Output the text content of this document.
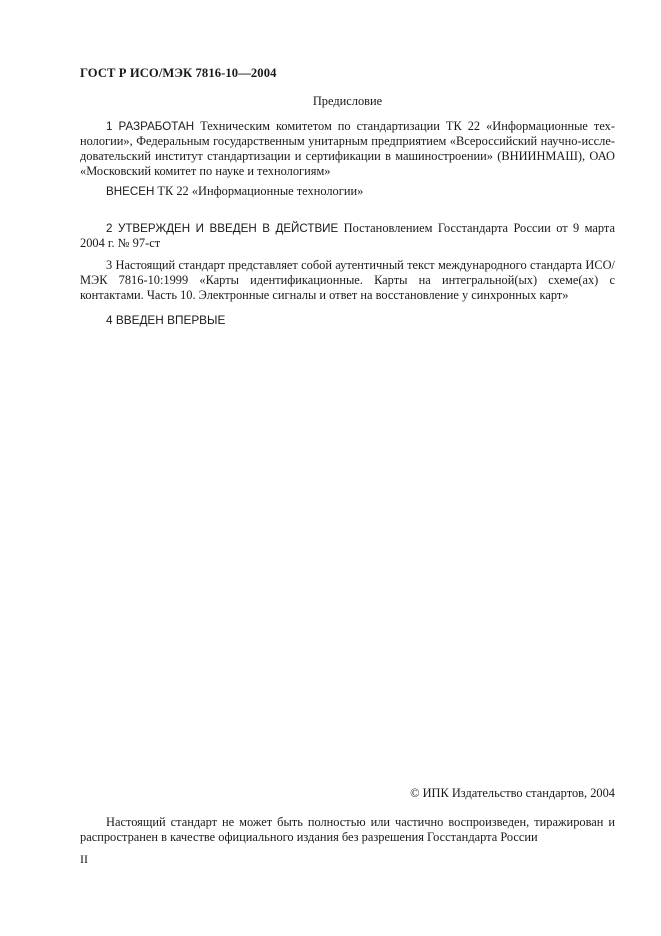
ГОСТ Р ИСО/МЭК 7816-10—2004
Предисловие
1 РАЗРАБОТАН Техническим комитетом по стандартизации ТК 22 «Информационные технологии», Федеральным государственным унитарным предприятием «Всероссийский научно-исследовательский институт стандартизации и сертификации в машиностроении» (ВНИИНМАШ), ОАО «Московский комитет по науке и технологиям»
ВНЕСЕН ТК 22 «Информационные технологии»
2 УТВЕРЖДЕН И ВВЕДЕН В ДЕЙСТВИЕ Постановлением Госстандарта России от 9 марта 2004 г. № 97-ст
3 Настоящий стандарт представляет собой аутентичный текст международного стандарта ИСО/МЭК 7816-10:1999 «Карты идентификационные. Карты на интегральной(ых) схеме(ах) с контактами. Часть 10. Электронные сигналы и ответ на восстановление у синхронных карт»
4 ВВЕДЕН ВПЕРВЫЕ
© ИПК Издательство стандартов, 2004
Настоящий стандарт не может быть полностью или частично воспроизведен, тиражирован и распространен в качестве официального издания без разрешения Госстандарта России
II
